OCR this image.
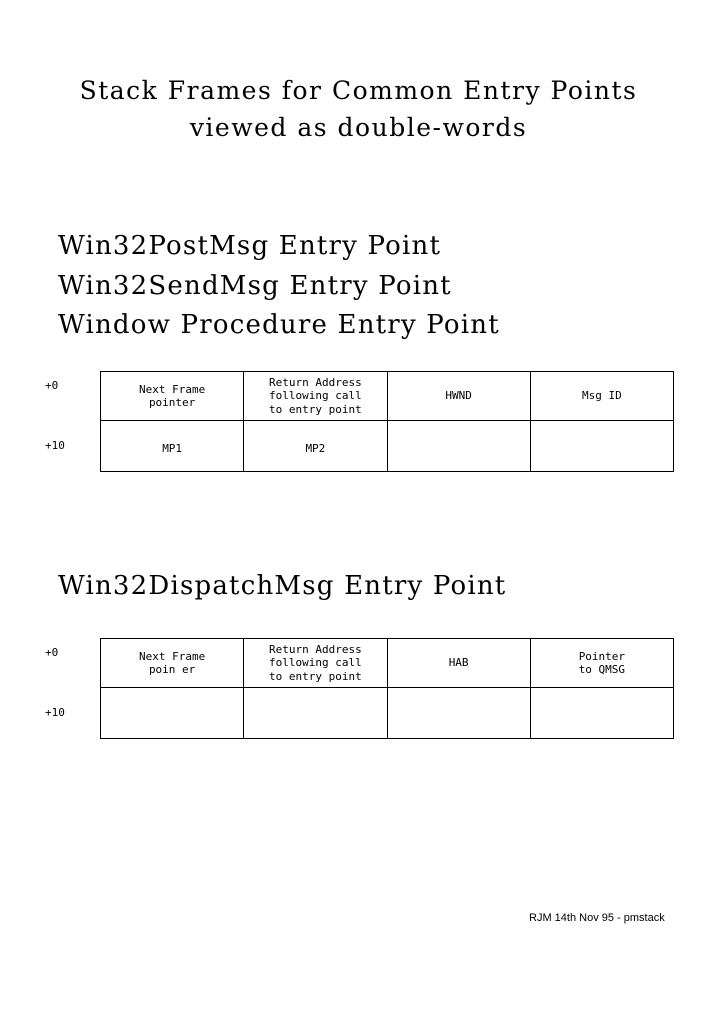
Stack Frames for Common Entry Points
viewed as double-words
Win32PostMsg Entry Point
Win32SendMsg Entry Point
Window Procedure Entry Point
+0
+10
Next Frame
pointer
Return Address
following call
to entry point
HWND	Msg ID
MP1	MP2
Win32DispatchMsg Entry Point
+0
+10
Next Frame
poin er
Return Address
following call
to entry point
HAB
Pointer
to QMSG
RJM 14th Nov 95 - pmstack
